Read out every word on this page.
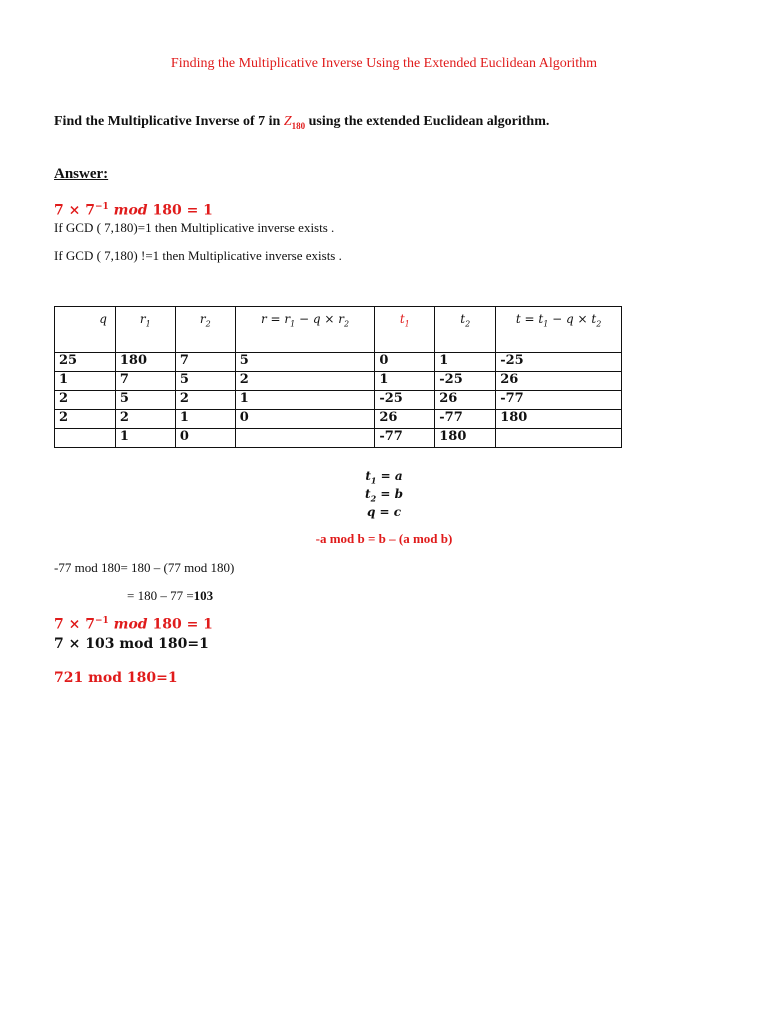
Finding the Multiplicative Inverse Using the Extended Euclidean Algorithm
Find the Multiplicative Inverse of 7 in $Z_{180}$ using the extended Euclidean algorithm.
Answer:
$7 \times 7^{-1}$ mod 180 = 1
If GCD ( 7,180)=1 then Multiplicative inverse exists .
If GCD ( 7,180) !=1 then Multiplicative inverse exists .
q	$r_1$	$r_2$	$r = r_1 - q \times r_2$	$t_1$	$t_2$	$t = t_1 - q \times t_2$
25	180	7	5	0	1	-25
1	7	5	2	1	-25	26
2	5	2	1	-25	26	-77
2	2	1	0	26	-77	180
	1	0		-77	180	
$t_1 = a$
$t_2 = b$
q = c
-a mod b = b – (a mod b)
-77 mod 180= 180 – (77 mod 180)
= 180 – 77 =103
$7 \times 7^{-1}$ mod 180 = 1
7 × 103 mod 180=1
721 mod 180=1
